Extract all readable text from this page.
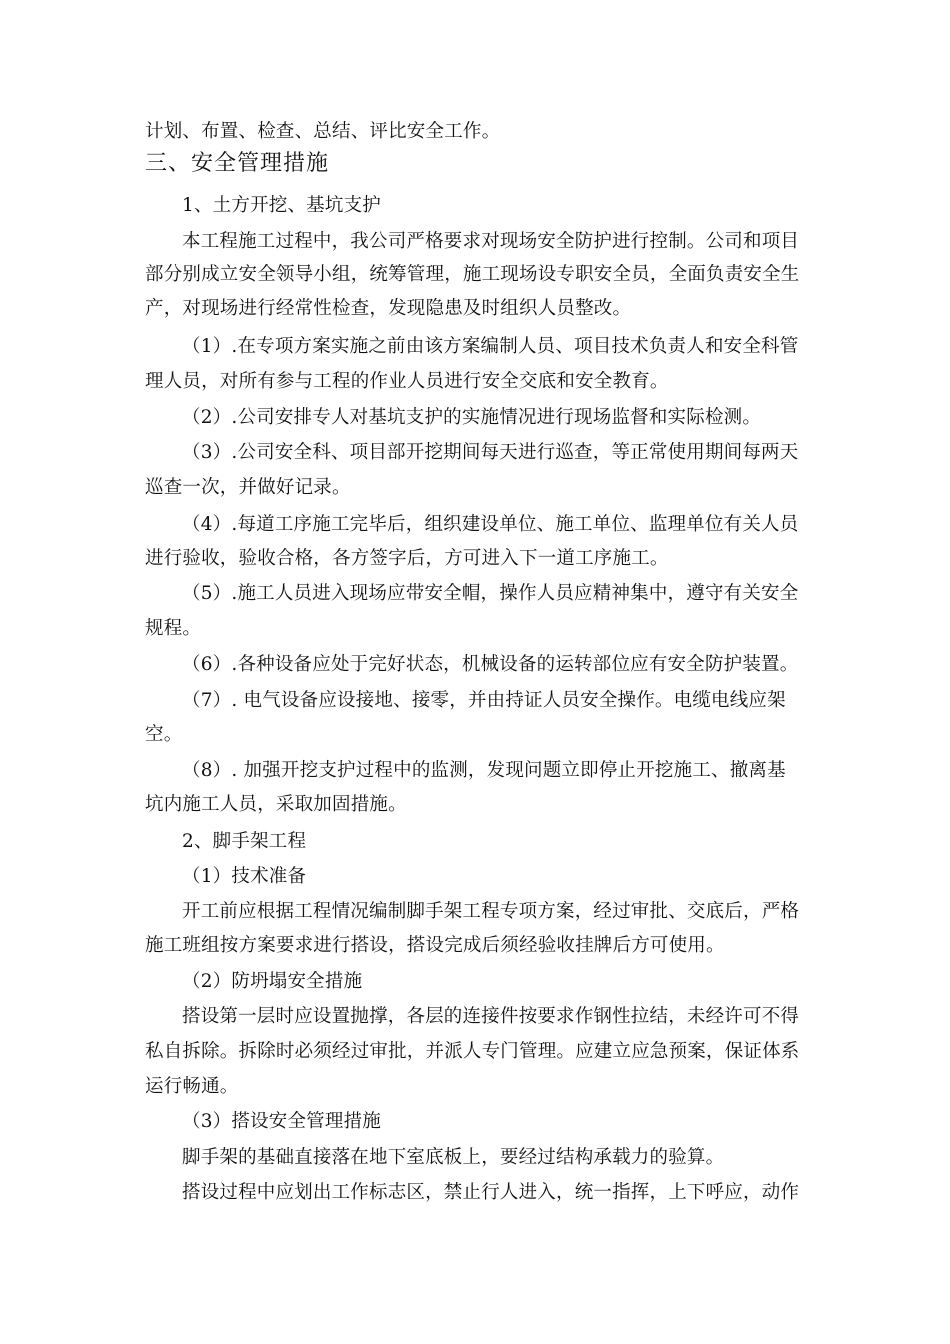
计划、布置、检查、总结、评比安全工作。
三、安全管理措施
1、土方开挖、基坑支护
本工程施工过程中，我公司严格要求对现场安全防护进行控制。公司和项目
部分别成立安全领导小组，统筹管理，施工现场设专职安全员，全面负责安全生
产，对现场进行经常性检查，发现隐患及时组织人员整改。
（1）.在专项方案实施之前由该方案编制人员、项目技术负责人和安全科管
理人员，对所有参与工程的作业人员进行安全交底和安全教育。
（2）.公司安排专人对基坑支护的实施情况进行现场监督和实际检测。
（3）.公司安全科、项目部开挖期间每天进行巡查，等正常使用期间每两天
巡查一次，并做好记录。
（4）.每道工序施工完毕后，组织建设单位、施工单位、监理单位有关人员
进行验收，验收合格，各方签字后，方可进入下一道工序施工。
（5）.施工人员进入现场应带安全帽，操作人员应精神集中，遵守有关安全
规程。
（6）.各种设备应处于完好状态，机械设备的运转部位应有安全防护装置。
（7）. 电气设备应设接地、接零，并由持证人员安全操作。电缆电线应架
空。
（8）. 加强开挖支护过程中的监测，发现问题立即停止开挖施工、撤离基
坑内施工人员，采取加固措施。
2、脚手架工程
（1）技术准备
开工前应根据工程情况编制脚手架工程专项方案，经过审批、交底后，严格
施工班组按方案要求进行搭设，搭设完成后须经验收挂牌后方可使用。
（2）防坍塌安全措施
搭设第一层时应设置抛撑，各层的连接件按要求作钢性拉结，未经许可不得
私自拆除。拆除时必须经过审批，并派人专门管理。应建立应急预案，保证体系
运行畅通。
（3）搭设安全管理措施
脚手架的基础直接落在地下室底板上，要经过结构承载力的验算。
搭设过程中应划出工作标志区，禁止行人进入，统一指挥，上下呼应，动作
